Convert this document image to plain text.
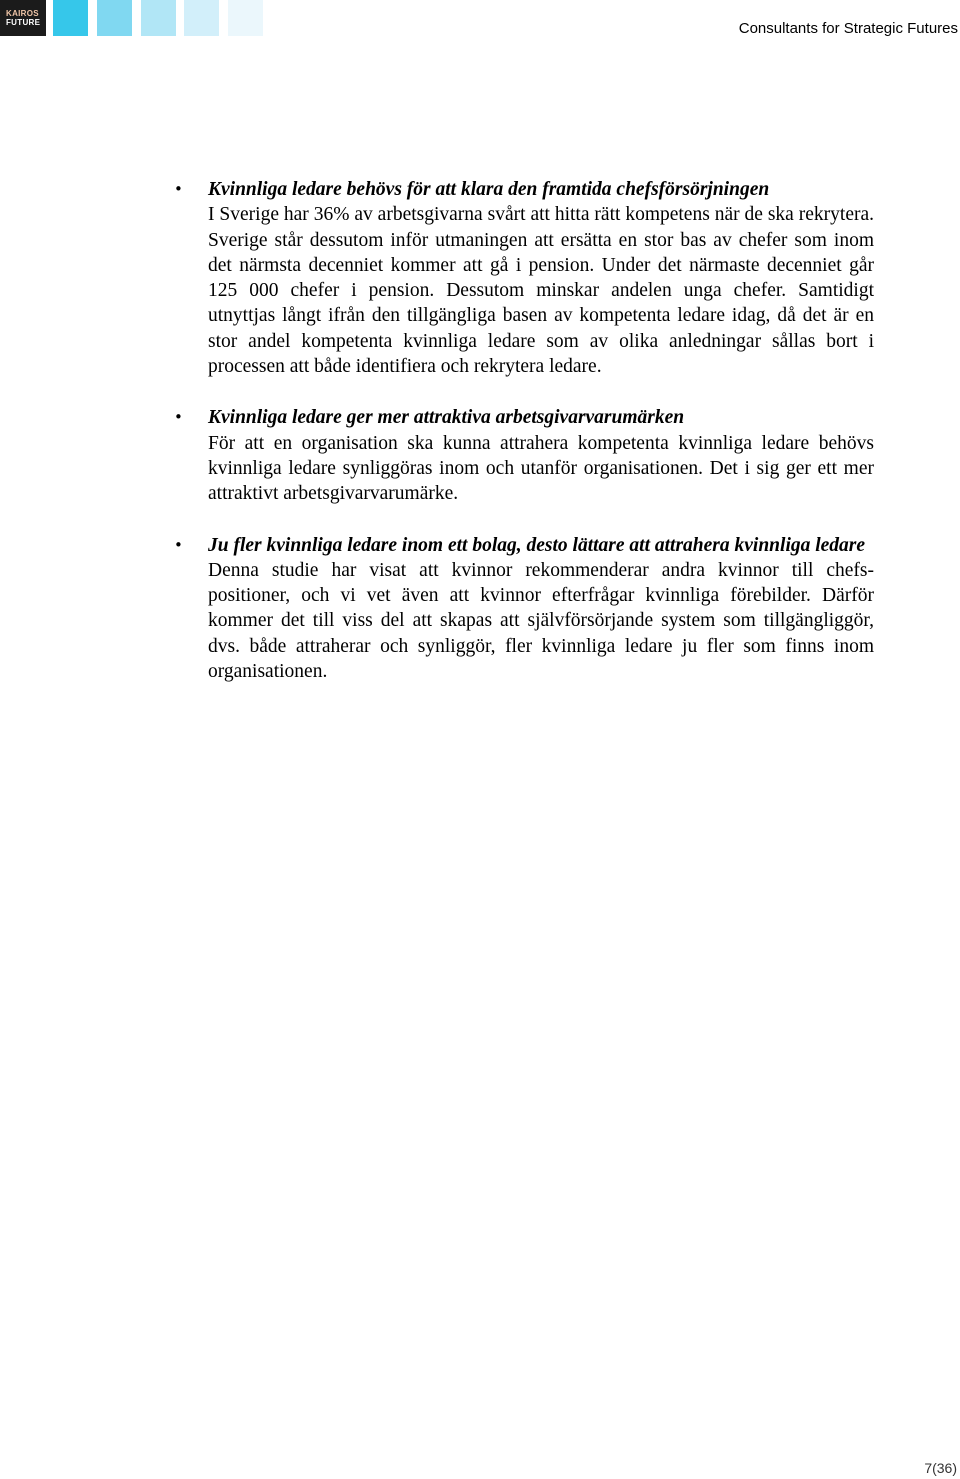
KAIROS
FUTURE	Consultants for Strategic Futures
• Kvinnliga ledare behövs för att klara den framtida chefsförsörjningen
I Sverige har 36% av arbetsgivarna svårt att hitta rätt kompetens när de ska rekrytera. Sverige står dessutom inför utmaningen att ersätta en stor bas av chefer som inom det närmsta decenniet kommer att gå i pension. Under det närmaste decenniet går 125 000 chefer i pension. Dessutom minskar andelen unga chefer. Samtidigt utnyttjas långt ifrån den tillgängliga basen av kompetenta ledare idag, då det är en stor andel kompetenta kvinnliga ledare som av olika anledningar sållas bort i processen att både identifiera och rekrytera ledare.
• Kvinnliga ledare ger mer attraktiva arbetsgivarvarumärken
För att en organisation ska kunna attrahera kompetenta kvinnliga ledare behövs kvinnliga ledare synliggöras inom och utanför organisationen. Det i sig ger ett mer attraktivt arbetsgivarvarumärke.
• Ju fler kvinnliga ledare inom ett bolag, desto lättare att attrahera kvinnliga ledare
Denna studie har visat att kvinnor rekommenderar andra kvinnor till chefs-positioner, och vi vet även att kvinnor efterfrågar kvinnliga förebilder. Därför kommer det till viss del att skapas att självförsörjande system som tillgängliggör, dvs. både attraherar och synliggör, fler kvinnliga ledare ju fler som finns inom organisationen.
7(36)
